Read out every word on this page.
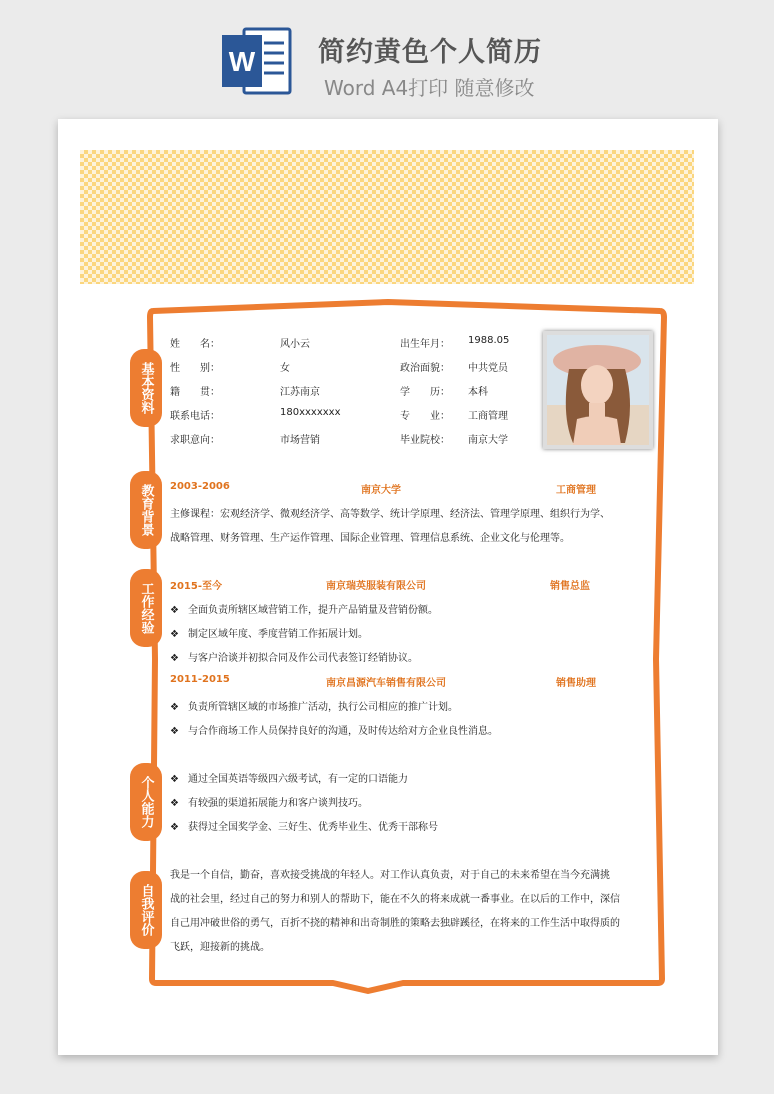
W 简约黄色个人简历
Word A4打印 随意修改
基本资料
教育背景
工作经验
个人能力
自我评价
姓　　名：	风小云	出生年月： 1988.05
性　　别：	女	政治面貌： 中共党员
籍　　贯：	江苏南京	学　　历： 本科
联系电话：	180xxxxxxx	专　　业： 工商管理
求职意向：	市场营销	毕业院校： 南京大学
2003-2006	南京大学	工商管理
主修课程：宏观经济学、微观经济学、高等数学、统计学原理、经济法、管理学原理、组织行为学、
战略管理、财务管理、生产运作管理、国际企业管理、管理信息系统、企业文化与伦理等。
2015-至今	南京瑞英服装有限公司	销售总监
❖ 全面负责所辖区域营销工作，提升产品销量及营销份额。
❖ 制定区域年度、季度营销工作拓展计划。
❖ 与客户洽谈并初拟合同及作公司代表签订经销协议。
2011-2015	南京昌源汽车销售有限公司	销售助理
❖ 负责所管辖区域的市场推广活动，执行公司相应的推广计划。
❖ 与合作商场工作人员保持良好的沟通，及时传达给对方企业良性消息。
❖ 通过全国英语等级四六级考试，有一定的口语能力
❖ 有较强的渠道拓展能力和客户谈判技巧。
❖ 获得过全国奖学金、三好生、优秀毕业生、优秀干部称号
我是一个自信，勤奋，喜欢接受挑战的年轻人。对工作认真负责，对于自己的未来希望在当今充满挑
战的社会里，经过自己的努力和别人的帮助下，能在不久的将来成就一番事业。在以后的工作中，深信
自己用冲破世俗的勇气，百折不挠的精神和出奇制胜的策略去独辟蹊径，在将来的工作生活中取得质的
飞跃，迎接新的挑战。
